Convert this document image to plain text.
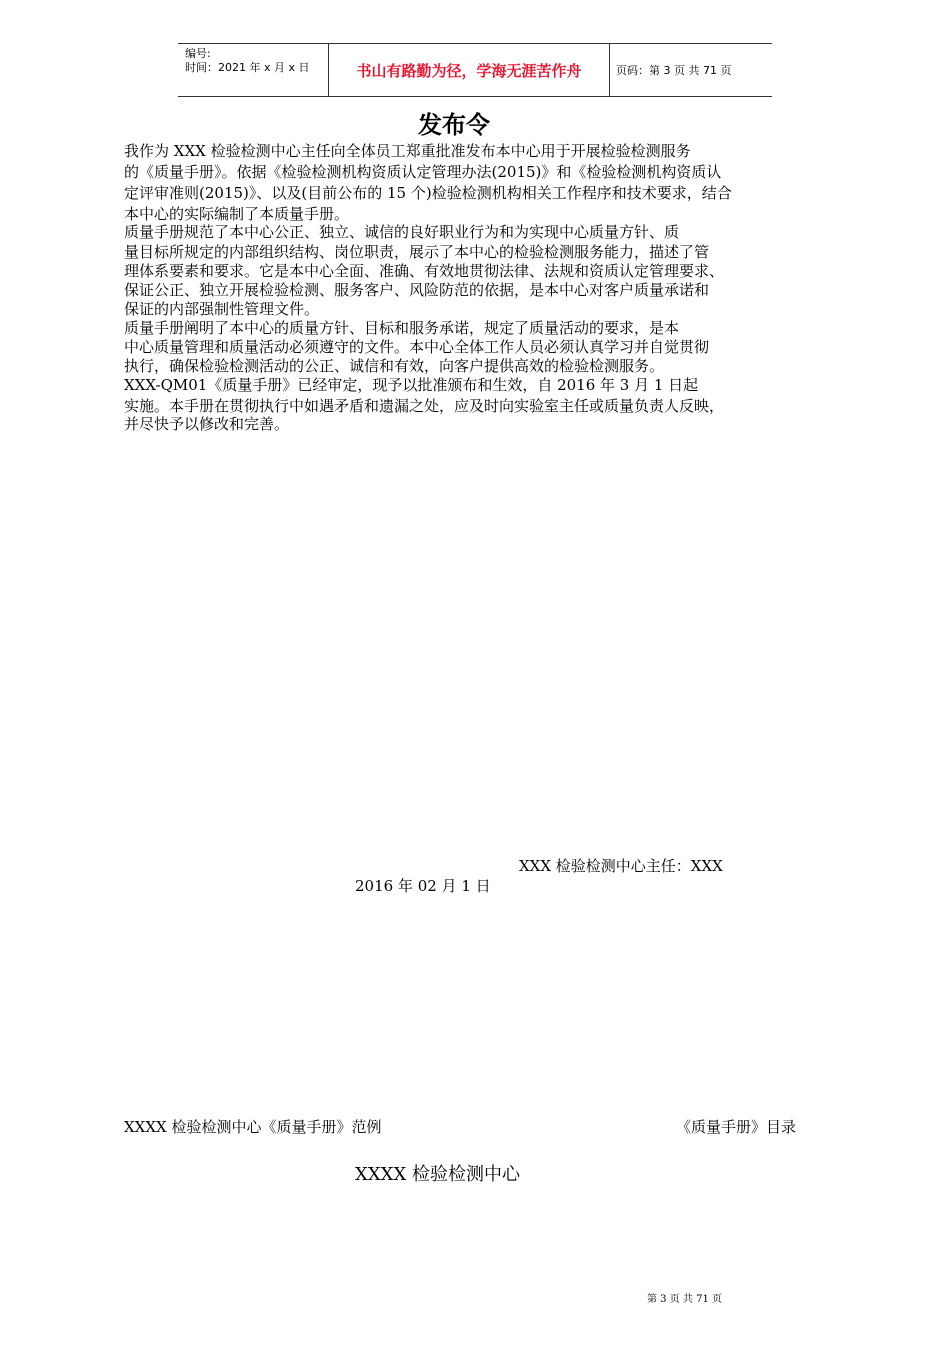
编号:
时间：2021 年 x 月 x 日	书山有路勤为径，学海无涯苦作舟	页码：第 3 页 共 71 页
发布令
我作为 XXX 检验检测中心主任向全体员工郑重批准发布本中心用于开展检验检测服务
的《质量手册》。依据《检验检测机构资质认定管理办法(2015)》和《检验检测机构资质认
定评审准则(2015)》、以及(目前公布的 15 个)检验检测机构相关工作程序和技术要求，结合
本中心的实际编制了本质量手册。
质量手册规范了本中心公正、独立、诚信的良好职业行为和为实现中心质量方针、质
量目标所规定的内部组织结构、岗位职责，展示了本中心的检验检测服务能力，描述了管
理体系要素和要求。它是本中心全面、准确、有效地贯彻法律、法规和资质认定管理要求、
保证公正、独立开展检验检测、服务客户、风险防范的依据，是本中心对客户质量承诺和
保证的内部强制性管理文件。
质量手册阐明了本中心的质量方针、目标和服务承诺，规定了质量活动的要求，是本
中心质量管理和质量活动必须遵守的文件。本中心全体工作人员必须认真学习并自觉贯彻
执行，确保检验检测活动的公正、诚信和有效，向客户提供高效的检验检测服务。
XXX-QM01《质量手册》已经审定，现予以批准颁布和生效，自 2016 年 3 月 1 日起
实施。本手册在贯彻执行中如遇矛盾和遗漏之处，应及时向实验室主任或质量负责人反映，
并尽快予以修改和完善。
XXX 检验检测中心主任：XXX
2016 年 02 月 1 日
XXXX 检验检测中心《质量手册》范例	《质量手册》目录
XXXX 检验检测中心
第 3 页 共 71 页
